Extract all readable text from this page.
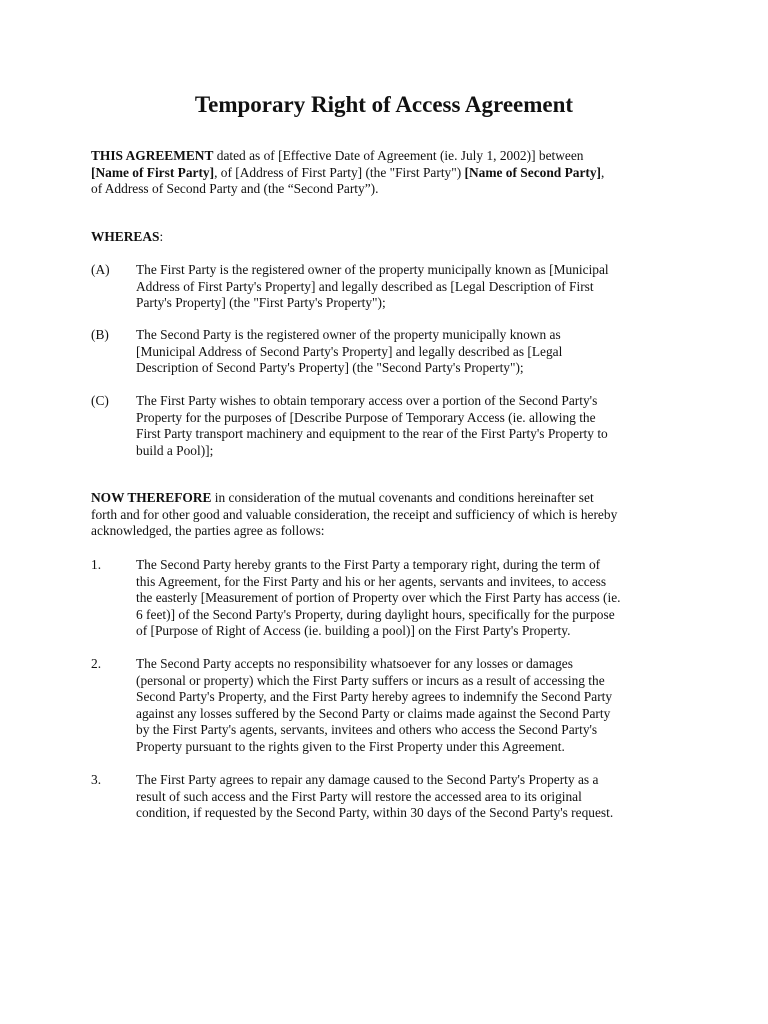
Temporary Right of Access Agreement
THIS AGREEMENT dated as of [Effective Date of Agreement (ie. July 1, 2002)] between
[Name of First Party], of [Address of First Party] (the "First Party") [Name of Second Party],
of Address of Second Party and (the “Second Party”).
WHEREAS:
(A) The First Party is the registered owner of the property municipally known as [Municipal
Address of First Party's Property] and legally described as [Legal Description of First
Party's Property] (the "First Party's Property");
(B) The Second Party is the registered owner of the property municipally known as
[Municipal Address of Second Party's Property] and legally described as [Legal
Description of Second Party's Property] (the "Second Party's Property");
(C) The First Party wishes to obtain temporary access over a portion of the Second Party's
Property for the purposes of [Describe Purpose of Temporary Access (ie. allowing the
First Party transport machinery and equipment to the rear of the First Party's Property to
build a Pool)];
NOW THEREFORE in consideration of the mutual covenants and conditions hereinafter set
forth and for other good and valuable consideration, the receipt and sufficiency of which is hereby
acknowledged, the parties agree as follows:
1.	The Second Party hereby grants to the First Party a temporary right, during the term of
this Agreement, for the First Party and his or her agents, servants and invitees, to access
the easterly [Measurement of portion of Property over which the First Party has access (ie.
6 feet)] of the Second Party's Property, during daylight hours, specifically for the purpose
of [Purpose of Right of Access (ie. building a pool)] on the First Party's Property.
2.	The Second Party accepts no responsibility whatsoever for any losses or damages
(personal or property) which the First Party suffers or incurs as a result of accessing the
Second Party's Property, and the First Party hereby agrees to indemnify the Second Party
against any losses suffered by the Second Party or claims made against the Second Party
by the First Party's agents, servants, invitees and others who access the Second Party's
Property pursuant to the rights given to the First Property under this Agreement.
3.	The First Party agrees to repair any damage caused to the Second Party's Property as a
result of such access and the First Party will restore the accessed area to its original
condition, if requested by the Second Party, within 30 days of the Second Party's request.
